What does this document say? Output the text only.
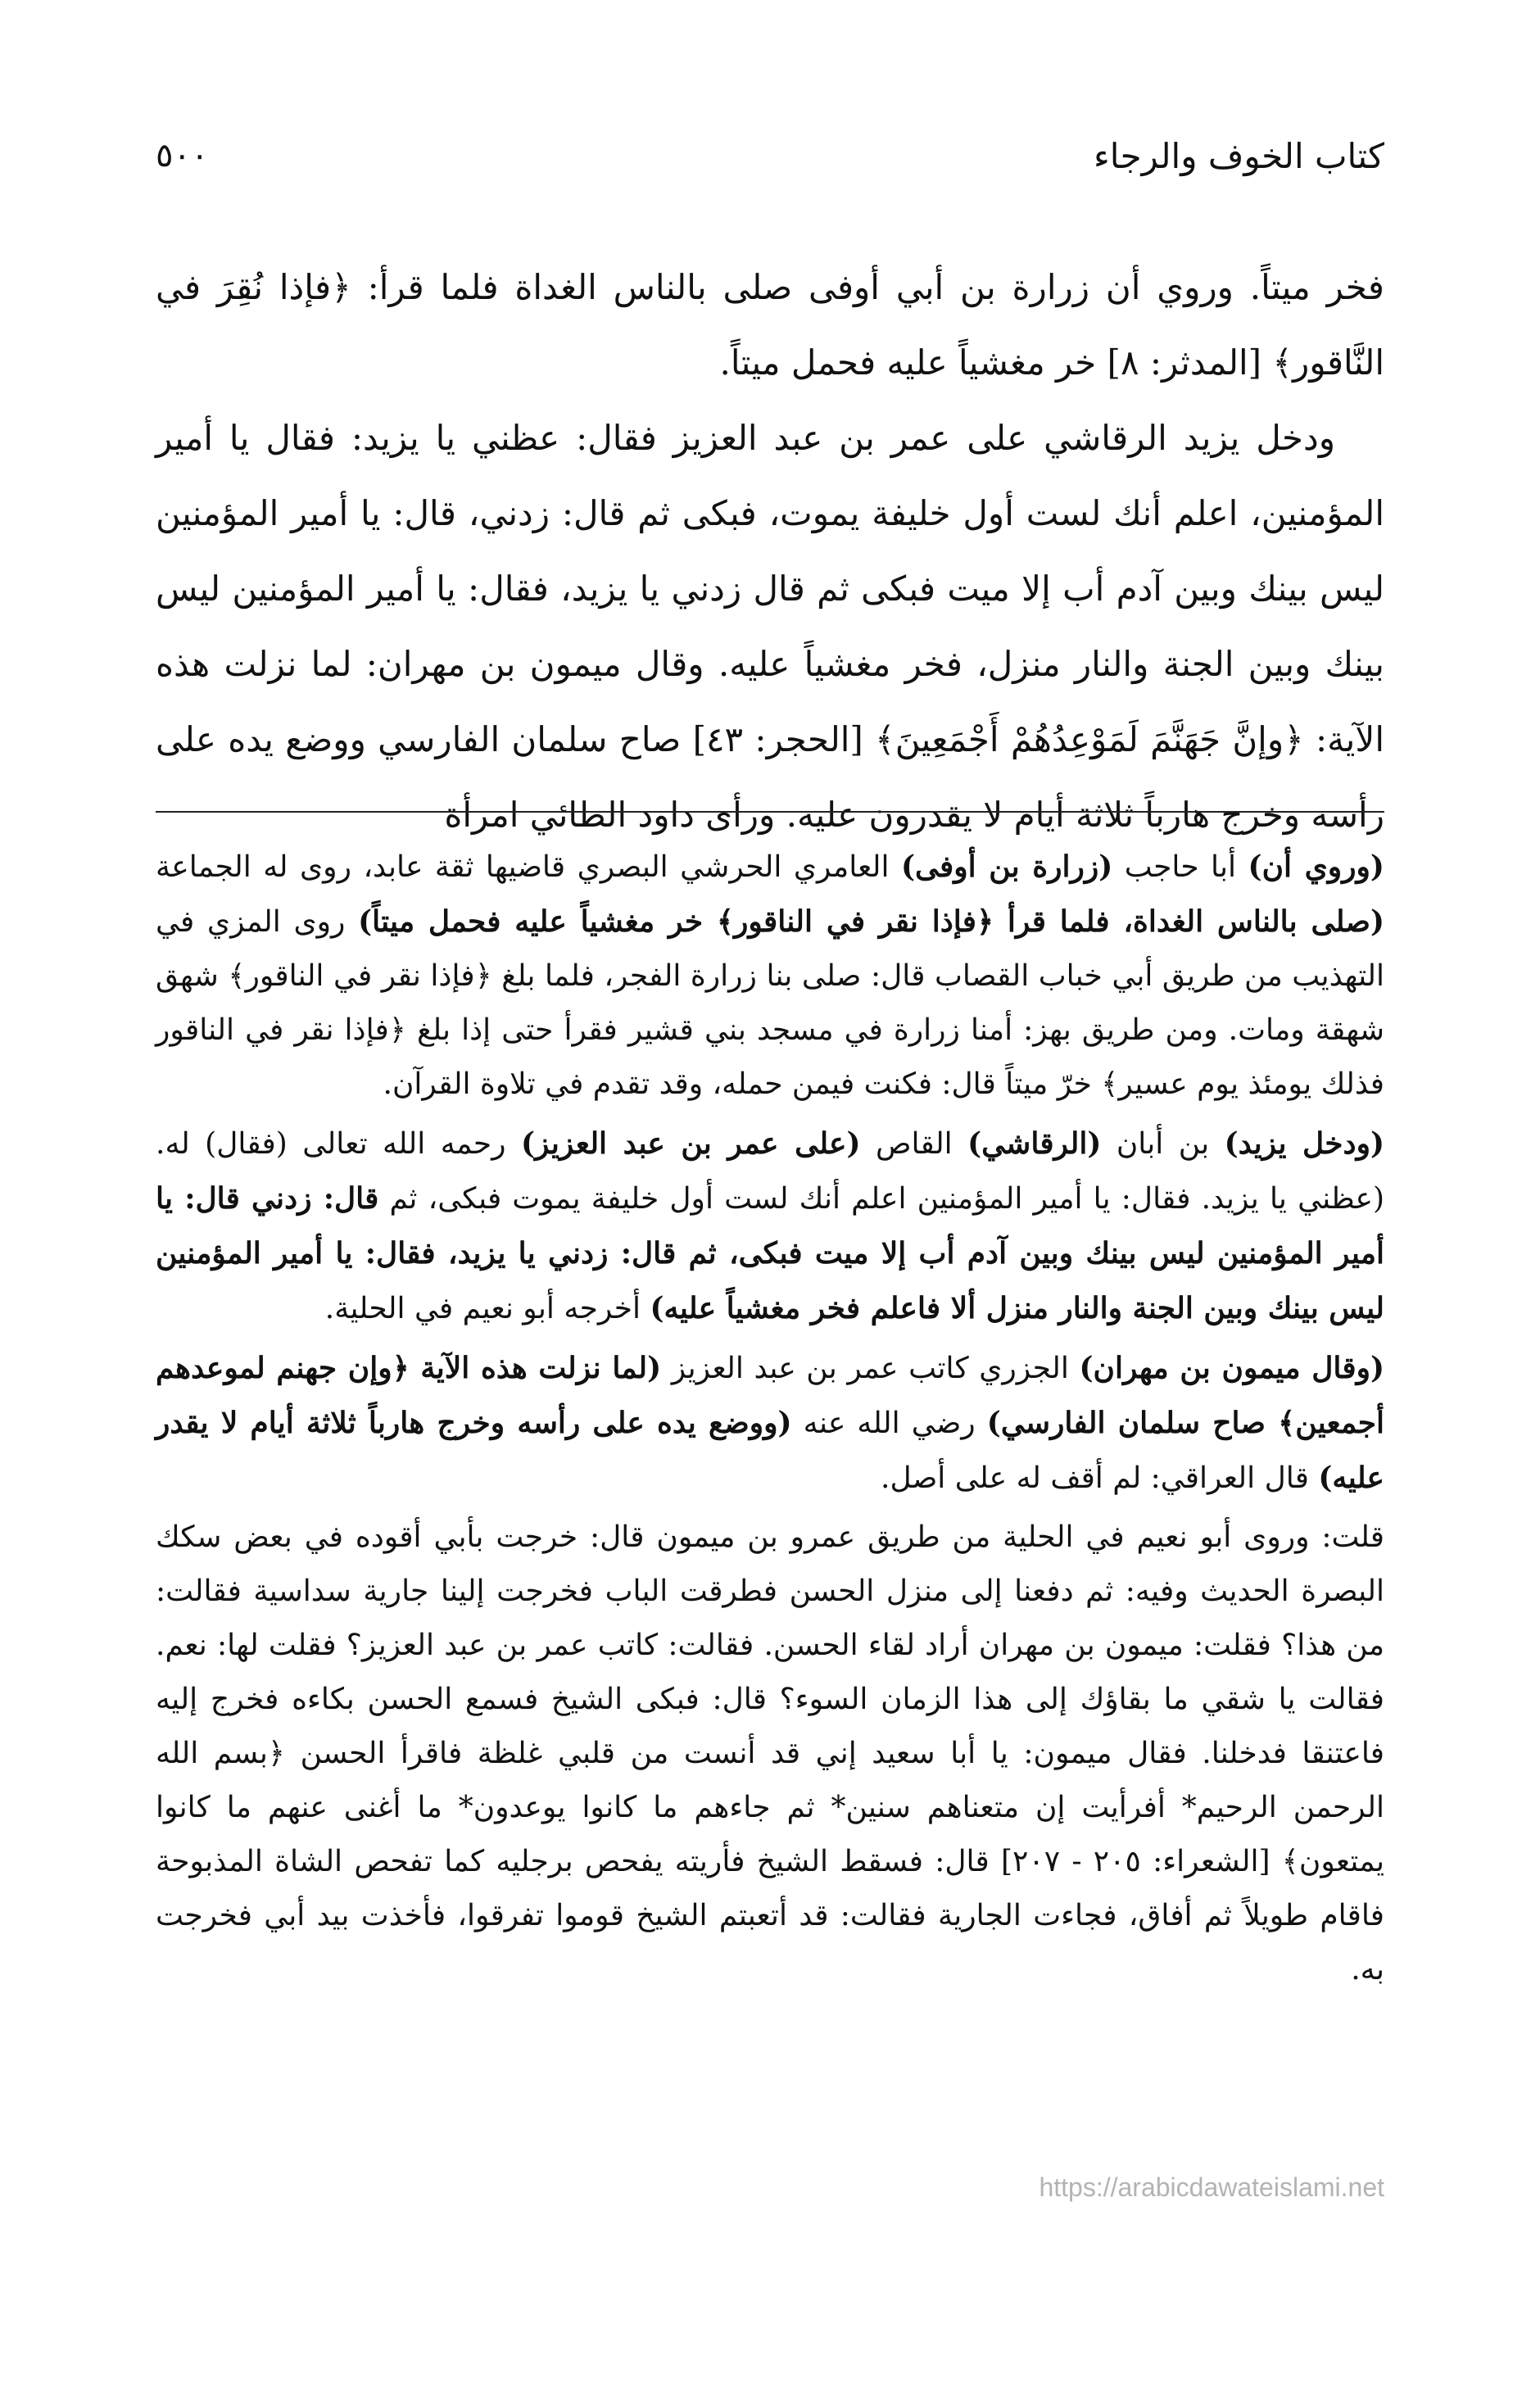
٥٠٠	كتاب الخوف والرجاء

فخر ميتاً. وروي أن زرارة بن أبي أوفى صلى بالناس الغداة فلما قرأ: ﴿فإذا نُقِرَ في النَّاقور﴾ [المدثر: ٨] خر مغشياً عليه فحمل ميتاً.

ودخل يزيد الرقاشي على عمر بن عبد العزيز فقال: عظني يا يزيد: فقال يا أمير المؤمنين، اعلم أنك لست أول خليفة يموت، فبكى ثم قال: زدني، قال: يا أمير المؤمنين ليس بينك وبين آدم أب إلا ميت فبكى ثم قال زدني يا يزيد، فقال: يا أمير المؤمنين ليس بينك وبين الجنة والنار منزل، فخر مغشياً عليه. وقال ميمون بن مهران: لما نزلت هذه الآية: ﴿وإنَّ جَهَنَّمَ لَمَوْعِدُهُمْ أَجْمَعِينَ﴾ [الحجر: ٤٣] صاح سلمان الفارسي ووضع يده على رأسه وخرج هارباً ثلاثة أيام لا يقدرون عليه. ورأى داود الطائي امرأة

(وروي أن) أبا حاجب (زرارة بن أوفى) العامري الحرشي البصري قاضيها ثقة عابد، روى له الجماعة (صلى بالناس الغداة، فلما قرأ ﴿فإذا نقر في الناقور﴾ خر مغشياً عليه فحمل ميتاً) روى المزي في التهذيب من طريق أبي خباب القصاب قال: صلى بنا زرارة الفجر، فلما بلغ ﴿فإذا نقر في الناقور﴾ شهق شهقة ومات. ومن طريق بهز: أمنا زرارة في مسجد بني قشير فقرأ حتى إذا بلغ ﴿فإذا نقر في الناقور فذلك يومئذ يوم عسير﴾ خرّ ميتاً قال: فكنت فيمن حمله، وقد تقدم في تلاوة القرآن.

(ودخل يزيد) بن أبان (الرقاشي) القاص (على عمر بن عبد العزيز) رحمه الله تعالى (فقال) له. (عظني يا يزيد. فقال: يا أمير المؤمنين اعلم أنك لست أول خليفة يموت فبكى، ثم قال: زدني قال: يا أمير المؤمنين ليس بينك وبين آدم أب إلا ميت فبكى، ثم قال: زدني يا يزيد، فقال: يا أمير المؤمنين ليس بينك وبين الجنة والنار منزل ألا فاعلم فخر مغشياً عليه) أخرجه أبو نعيم في الحلية.

(وقال ميمون بن مهران) الجزري كاتب عمر بن عبد العزيز (لما نزلت هذه الآية ﴿وإن جهنم لموعدهم أجمعين﴾ صاح سلمان الفارسي) رضي الله عنه (ووضع يده على رأسه وخرج هارباً ثلاثة أيام لا يقدر عليه) قال العراقي: لم أقف له على أصل.

قلت: وروى أبو نعيم في الحلية من طريق عمرو بن ميمون قال: خرجت بأبي أقوده في بعض سكك البصرة الحديث وفيه: ثم دفعنا إلى منزل الحسن فطرقت الباب فخرجت إلينا جارية سداسية فقالت: من هذا؟ فقلت: ميمون بن مهران أراد لقاء الحسن. فقالت: كاتب عمر بن عبد العزيز؟ فقلت لها: نعم. فقالت يا شقي ما بقاؤك إلى هذا الزمان السوء؟ قال: فبكى الشيخ فسمع الحسن بكاءه فخرج إليه فاعتنقا فدخلنا. فقال ميمون: يا أبا سعيد إني قد أنست من قلبي غلظة فاقرأ الحسن ﴿بسم الله الرحمن الرحيم* أفرأيت إن متعناهم سنين* ثم جاءهم ما كانوا يوعدون* ما أغنى عنهم ما كانوا يمتعون﴾ [الشعراء: ٢٠٥ - ٢٠٧] قال: فسقط الشيخ فأريته يفحص برجليه كما تفحص الشاة المذبوحة فاقام طويلاً ثم أفاق، فجاءت الجارية فقالت: قد أتعبتم الشيخ قوموا تفرقوا، فأخذت بيد أبي فخرجت به.

https://arabicdawateislami.net
